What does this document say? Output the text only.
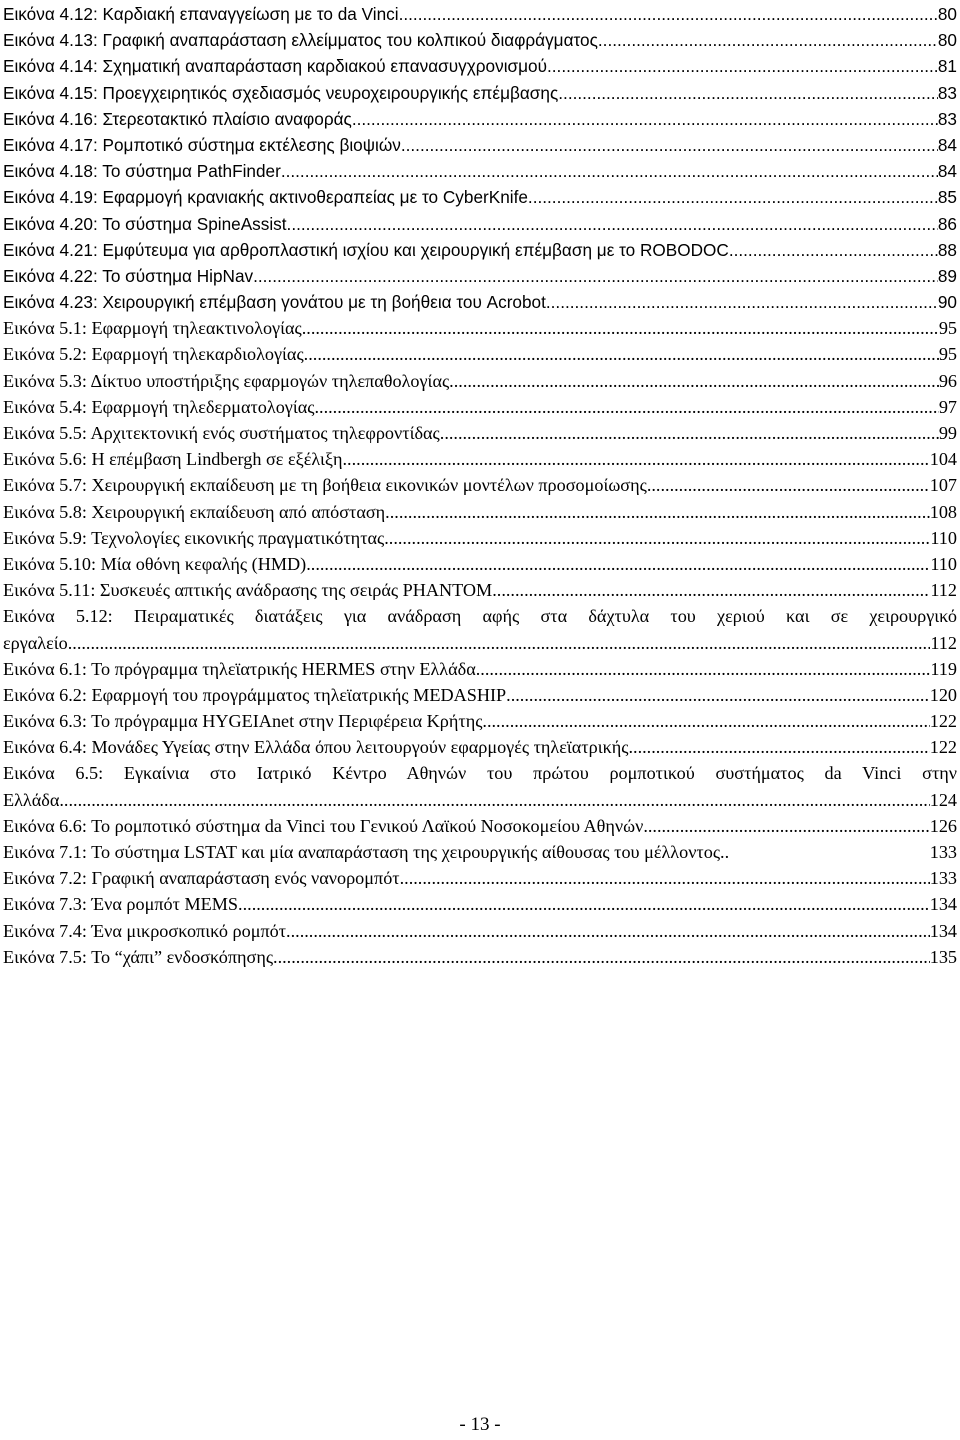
Εικόνα 4.12: Καρδιακή επαναγγείωση με το da Vinci .....	80
Εικόνα 4.13: Γραφική αναπαράσταση ελλείμματος του κολπικού διαφράγματος .....	80
Εικόνα 4.14: Σχηματική αναπαράσταση καρδιακού επανασυγχρονισμού .....	81
Εικόνα 4.15: Προεγχειρητικός σχεδιασμός νευροχειρουργικής επέμβασης .....	83
Εικόνα 4.16: Στερεοτακτικό πλαίσιο αναφοράς .....	83
Εικόνα 4.17: Ρομποτικό σύστημα εκτέλεσης βιοψιών .....	84
Εικόνα 4.18: Το σύστημα PathFinder .....	84
Εικόνα 4.19: Εφαρμογή κρανιακής ακτινοθεραπείας με το CyberKnife .....	85
Εικόνα 4.20: Το σύστημα SpineAssist .....	86
Εικόνα 4.21: Εμφύτευμα για αρθροπλαστική ισχίου και χειρουργική επέμβαση με το ROBODOC .....	88
Εικόνα 4.22: Το σύστημα HipNav .....	89
Εικόνα 4.23: Χειρουργική επέμβαση γονάτου με τη βοήθεια του Acrobot .....	90
Εικόνα 5.1: Εφαρμογή τηλεακτινολογίας .....	95
Εικόνα 5.2: Εφαρμογή τηλεκαρδιολογίας .....	95
Εικόνα 5.3: Δίκτυο υποστήριξης εφαρμογών τηλεπαθολογίας .....	96
Εικόνα 5.4: Εφαρμογή τηλεδερματολογίας .....	97
Εικόνα 5.5: Αρχιτεκτονική ενός συστήματος τηλεφροντίδας .....	99
Εικόνα 5.6: Η επέμβαση Lindbergh σε εξέλιξη .....	104
Εικόνα 5.7: Χειρουργική εκπαίδευση με τη βοήθεια εικονικών μοντέλων προσομοίωσης .....	107
Εικόνα 5.8: Χειρουργική εκπαίδευση από απόσταση .....	108
Εικόνα 5.9: Τεχνολογίες εικονικής πραγματικότητας .....	110
Εικόνα 5.10: Μία οθόνη κεφαλής (HMD) .....	110
Εικόνα 5.11: Συσκευές απτικής ανάδρασης της σειράς PHANTOM .....	112
Εικόνα 5.12: Πειραματικές διατάξεις για ανάδραση αφής στα δάχτυλα του χεριού και σε χειρουργικό
εργαλείο .....	112
Εικόνα 6.1: Το πρόγραμμα τηλεϊατρικής HERMES στην Ελλάδα .....	119
Εικόνα 6.2: Εφαρμογή του προγράμματος τηλεϊατρικής MEDASHIP .....	120
Εικόνα 6.3: Το πρόγραμμα HYGEIAnet στην Περιφέρεια Κρήτης .....	122
Εικόνα 6.4: Μονάδες Υγείας στην Ελλάδα όπου λειτουργούν εφαρμογές τηλεϊατρικής .....	122
Εικόνα 6.5: Εγκαίνια στο Ιατρικό Κέντρο Αθηνών του πρώτου ρομποτικού συστήματος da Vinci στην
Ελλάδα .....	124
Εικόνα 6.6: Το ρομποτικό σύστημα da Vinci του Γενικού Λαϊκού Νοσοκομείου Αθηνών .....	126
Εικόνα 7.1: Το σύστημα LSTAT και μία αναπαράσταση της χειρουργικής αίθουσας του μέλλοντος..	133
Εικόνα 7.2: Γραφική αναπαράσταση ενός νανορομπότ .....	133
Εικόνα 7.3: Ένα ρομπότ MEMS .....	134
Εικόνα 7.4: Ένα μικροσκοπικό ρομπότ .....	134
Εικόνα 7.5: Το “χάπι” ενδοσκόπησης .....	135
- 13 -
